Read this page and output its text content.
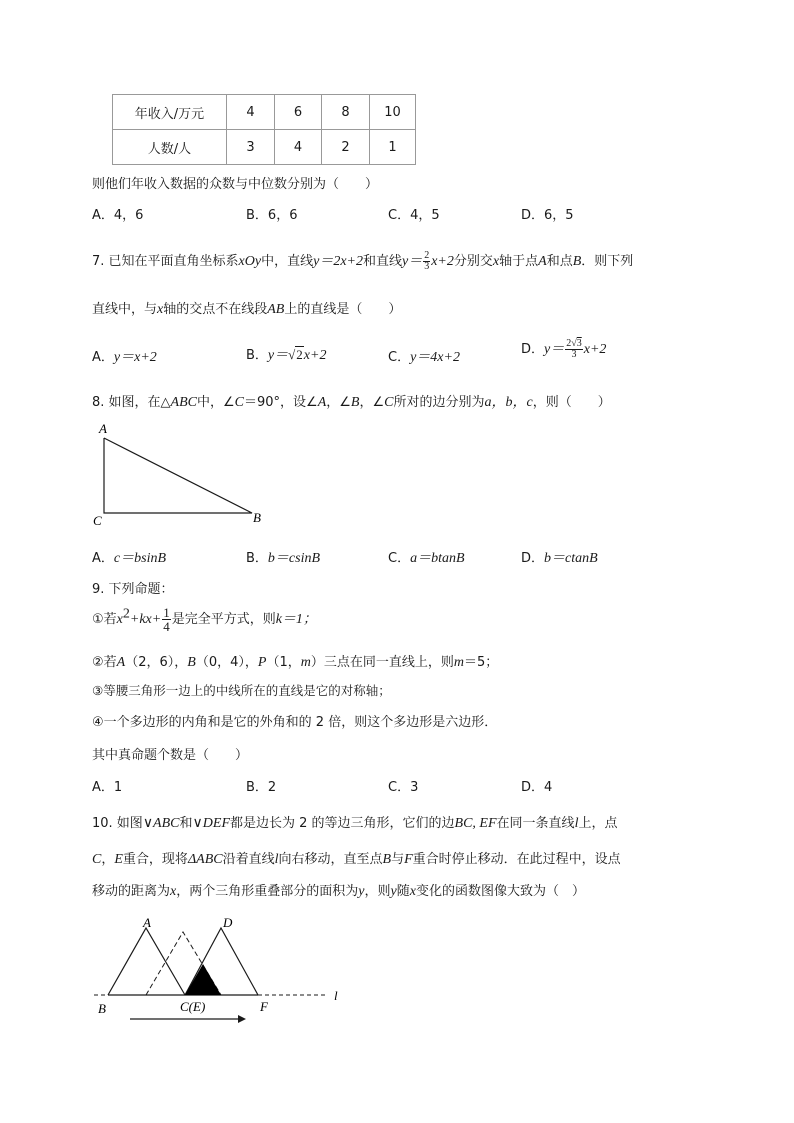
年收入/万元	4	6	8	10
人数/人	3	4	2	1
则他们年收入数据的众数与中位数分别为（　　）
A．4，6	B．6，6	C．4，5	D．6，5
7. 已知在平面直角坐标系xOy中，直线y＝2x+2和直线$y= \frac{2}{3} x+2$分别交x轴于点A和点B．则下列
直线中，与x轴的交点不在线段AB上的直线是（　　）
A．y＝x+2	B．y＝√2x+2	C．y＝4x+2
D．$y= \frac{2√3}{3} x+2$
8. 如图，在△ABC中，∠C＝90°，设∠A，∠B，∠C所对的边分别为a，b，c，则（　　）
A
B
C
A．c＝bsinB	B．b＝csinB	C．a＝btanB	D．b＝ctanB
9. 下列命题：
①若$x^2+kx+ \frac{1}{4}$ 是完全平方式，则k＝1；
②若A（2，6），B（0，4），P（1，m）三点在同一直线上，则m＝5；
③等腰三角形一边上的中线所在的直线是它的对称轴；
④一个多边形的内角和是它的外角和的 2 倍，则这个多边形是六边形．
其中真命题个数是（　　）
A．1	B．2	C．3	D．4
10. 如图∨ABC和∨DEF都是边长为 2 的等边三角形，它们的边BC, EF在同一条直线l上，点
C，E重合，现将ΔABC沿着直线l向右移动，直至点B与F重合时停止移动．在此过程中，设点
移动的距离为x，两个三角形重叠部分的面积为y，则y随x变化的函数图像大致为（　）
A	D
B	C(E)	F
l
